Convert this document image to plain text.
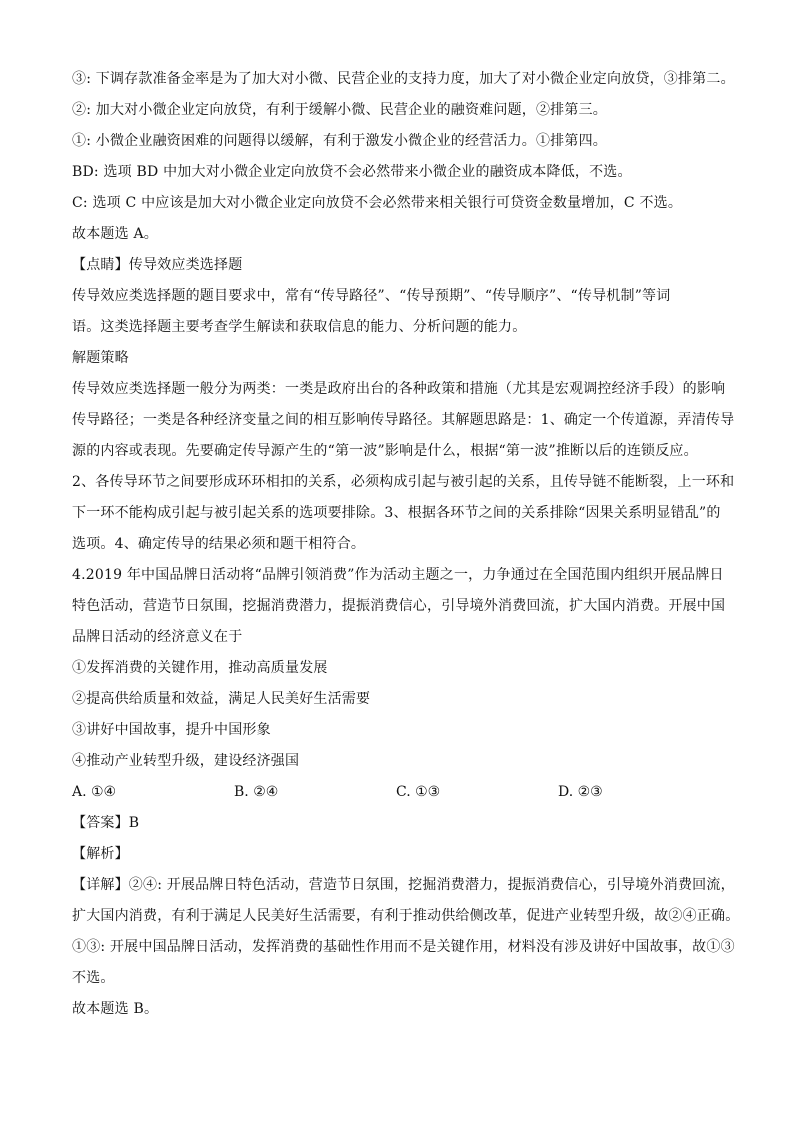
③: 下调存款准备金率是为了加大对小微、民营企业的支持力度，加大了对小微企业定向放贷，③排第二。
②: 加大对小微企业定向放贷，有利于缓解小微、民营企业的融资难问题，②排第三。
①: 小微企业融资困难的问题得以缓解，有利于激发小微企业的经营活力。①排第四。
BD: 选项 BD 中加大对小微企业定向放贷不会必然带来小微企业的融资成本降低，不选。
C: 选项 C 中应该是加大对小微企业定向放贷不会必然带来相关银行可贷资金数量增加，C 不选。
故本题选 A。
【点睛】传导效应类选择题
传导效应类选择题的题目要求中，常有“传导路径”、“传导预期”、“传导顺序”、“传导机制”等词
语。这类选择题主要考查学生解读和获取信息的能力、分析问题的能力。
解题策略
传导效应类选择题一般分为两类：一类是政府出台的各种政策和措施（尤其是宏观调控经济手段）的影响
传导路径；一类是各种经济变量之间的相互影响传导路径。其解题思路是：1、确定一个传道源，弄清传导
源的内容或表现。先要确定传导源产生的“第一波”影响是什么，根据“第一波”推断以后的连锁反应。
2、各传导环节之间要形成环环相扣的关系，必须构成引起与被引起的关系，且传导链不能断裂，上一环和
下一环不能构成引起与被引起关系的选项要排除。3、根据各环节之间的关系排除“因果关系明显错乱”的
选项。4、确定传导的结果必须和题干相符合。
4.2019 年中国品牌日活动将“品牌引领消费”作为活动主题之一，力争通过在全国范围内组织开展品牌日
特色活动，营造节日氛围，挖掘消费潜力，提振消费信心，引导境外消费回流，扩大国内消费。开展中国
品牌日活动的经济意义在于
①发挥消费的关键作用，推动高质量发展
②提高供给质量和效益，满足人民美好生活需要
③讲好中国故事，提升中国形象
④推动产业转型升级，建设经济强国
A. ①④	B. ②④	C. ①③	D. ②③
【答案】B
【解析】
【详解】②④: 开展品牌日特色活动，营造节日氛围，挖掘消费潜力，提振消费信心，引导境外消费回流，
扩大国内消费，有利于满足人民美好生活需要，有利于推动供给侧改革，促进产业转型升级，故②④正确。
①③: 开展中国品牌日活动，发挥消费的基础性作用而不是关键作用，材料没有涉及讲好中国故事，故①③
不选。
故本题选 B。
